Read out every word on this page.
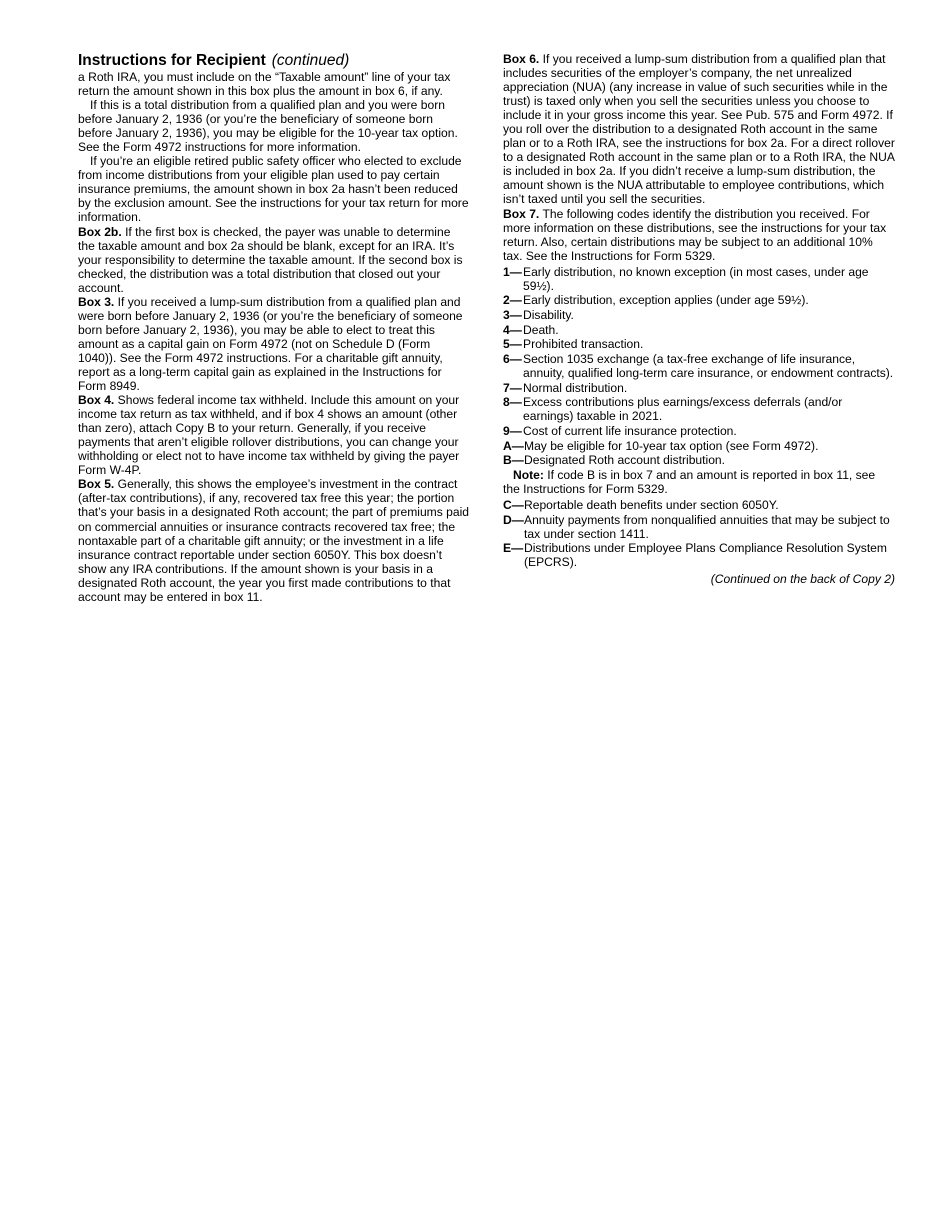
Instructions for Recipient (continued)

a Roth IRA, you must include on the “Taxable amount” line of your tax return the amount shown in this box plus the amount in box 6, if any.

If this is a total distribution from a qualified plan and you were born before January 2, 1936 (or you’re the beneficiary of someone born before January 2, 1936), you may be eligible for the 10-year tax option. See the Form 4972 instructions for more information.

If you’re an eligible retired public safety officer who elected to exclude from income distributions from your eligible plan used to pay certain insurance premiums, the amount shown in box 2a hasn’t been reduced by the exclusion amount. See the instructions for your tax return for more information.

Box 2b. If the first box is checked, the payer was unable to determine the taxable amount and box 2a should be blank, except for an IRA. It’s your responsibility to determine the taxable amount. If the second box is checked, the distribution was a total distribution that closed out your account.

Box 3. If you received a lump-sum distribution from a qualified plan and were born before January 2, 1936 (or you’re the beneficiary of someone born before January 2, 1936), you may be able to elect to treat this amount as a capital gain on Form 4972 (not on Schedule D (Form 1040)). See the Form 4972 instructions. For a charitable gift annuity, report as a long-term capital gain as explained in the Instructions for Form 8949.

Box 4. Shows federal income tax withheld. Include this amount on your income tax return as tax withheld, and if box 4 shows an amount (other than zero), attach Copy B to your return. Generally, if you receive payments that aren’t eligible rollover distributions, you can change your withholding or elect not to have income tax withheld by giving the payer Form W-4P.

Box 5. Generally, this shows the employee’s investment in the contract (after-tax contributions), if any, recovered tax free this year; the portion that’s your basis in a designated Roth account; the part of premiums paid on commercial annuities or insurance contracts recovered tax free; the nontaxable part of a charitable gift annuity; or the investment in a life insurance contract reportable under section 6050Y. This box doesn’t show any IRA contributions. If the amount shown is your basis in a designated Roth account, the year you first made contributions to that account may be entered in box 11.

Box 6. If you received a lump-sum distribution from a qualified plan that includes securities of the employer’s company, the net unrealized appreciation (NUA) (any increase in value of such securities while in the trust) is taxed only when you sell the securities unless you choose to include it in your gross income this year. See Pub. 575 and Form 4972. If you roll over the distribution to a designated Roth account in the same plan or to a Roth IRA, see the instructions for box 2a. For a direct rollover to a designated Roth account in the same plan or to a Roth IRA, the NUA is included in box 2a. If you didn’t receive a lump-sum distribution, the amount shown is the NUA attributable to employee contributions, which isn’t taxed until you sell the securities.

Box 7. The following codes identify the distribution you received. For more information on these distributions, see the instructions for your tax return. Also, certain distributions may be subject to an additional 10% tax. See the Instructions for Form 5329.

1— Early distribution, no known exception (in most cases, under age 59½).
2— Early distribution, exception applies (under age 59½).
3— Disability.
4— Death.
5— Prohibited transaction.
6— Section 1035 exchange (a tax-free exchange of life insurance, annuity, qualified long-term care insurance, or endowment contracts).
7— Normal distribution.
8— Excess contributions plus earnings/excess deferrals (and/or earnings) taxable in 2021.
9— Cost of current life insurance protection.
A— May be eligible for 10-year tax option (see Form 4972).
B— Designated Roth account distribution.

Note: If code B is in box 7 and an amount is reported in box 11, see the Instructions for Form 5329.

C— Reportable death benefits under section 6050Y.
D— Annuity payments from nonqualified annuities that may be subject to tax under section 1411.
E— Distributions under Employee Plans Compliance Resolution System (EPCRS).

(Continued on the back of Copy 2)
